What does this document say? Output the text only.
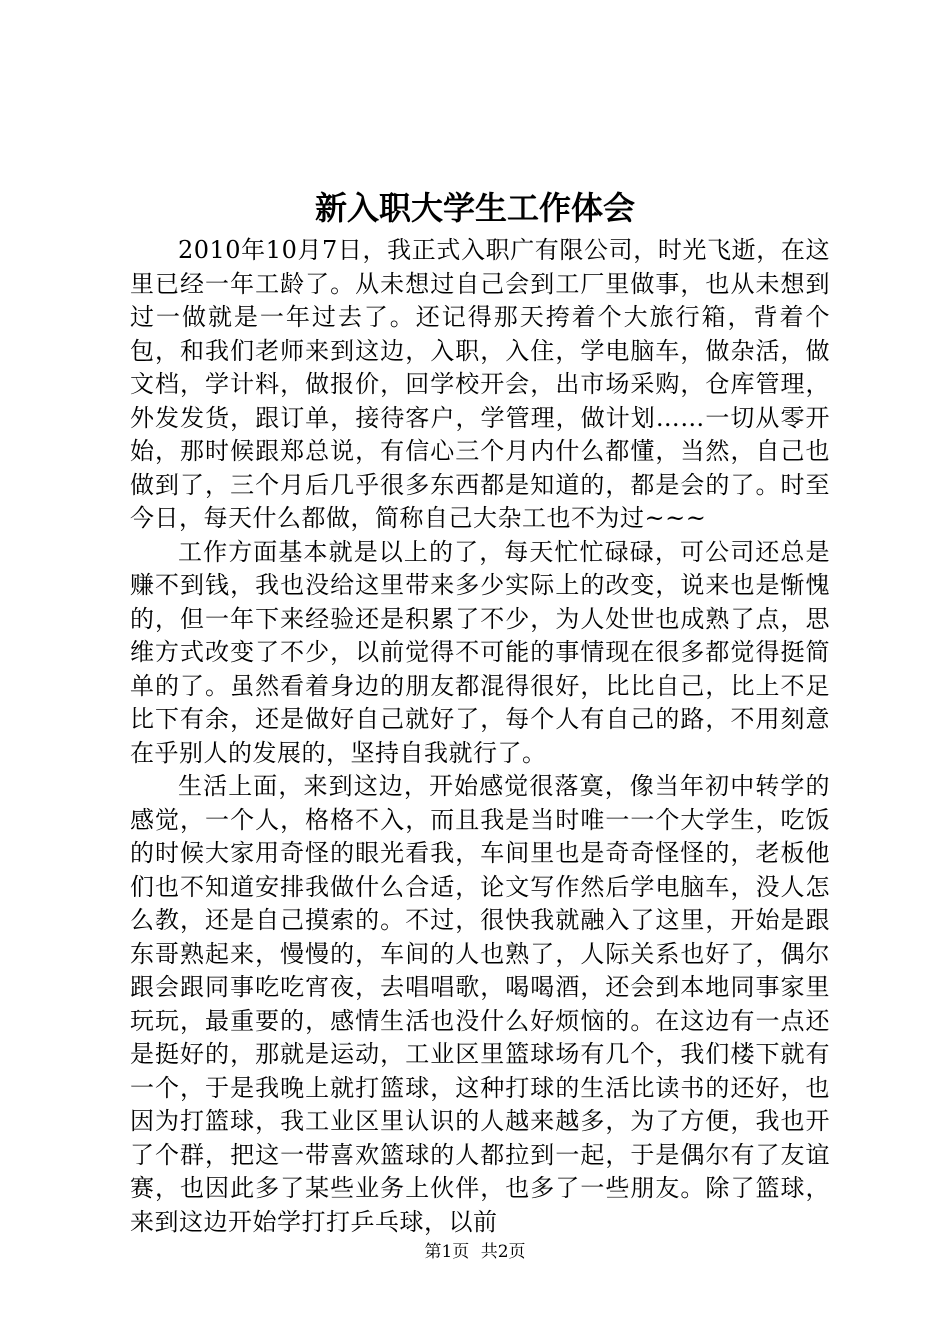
新入职大学生工作体会

2010年10月7日，我正式入职广有限公司，时光飞逝，在这里已经一年工龄了。从未想过自己会到工厂里做事，也从未想到过一做就是一年过去了。还记得那天挎着个大旅行箱，背着个包，和我们老师来到这边，入职，入住，学电脑车，做杂活，做文档，学计料，做报价，回学校开会，出市场采购，仓库管理，外发发货，跟订单，接待客户，学管理，做计划……一切从零开始，那时候跟郑总说，有信心三个月内什么都懂，当然，自己也做到了，三个月后几乎很多东西都是知道的，都是会的了。时至今日，每天什么都做，简称自己大杂工也不为过~~~

工作方面基本就是以上的了，每天忙忙碌碌，可公司还总是赚不到钱，我也没给这里带来多少实际上的改变，说来也是惭愧的，但一年下来经验还是积累了不少，为人处世也成熟了点，思维方式改变了不少，以前觉得不可能的事情现在很多都觉得挺简单的了。虽然看着身边的朋友都混得很好，比比自己，比上不足比下有余，还是做好自己就好了，每个人有自己的路，不用刻意在乎别人的发展的，坚持自我就行了。

生活上面，来到这边，开始感觉很落寞，像当年初中转学的感觉，一个人，格格不入，而且我是当时唯一一个大学生，吃饭的时候大家用奇怪的眼光看我，车间里也是奇奇怪怪的，老板他们也不知道安排我做什么合适，论文写作然后学电脑车，没人怎么教，还是自己摸索的。不过，很快我就融入了这里，开始是跟东哥熟起来，慢慢的，车间的人也熟了，人际关系也好了，偶尔跟会跟同事吃吃宵夜，去唱唱歌，喝喝酒，还会到本地同事家里玩玩，最重要的，感情生活也没什么好烦恼的。在这边有一点还是挺好的，那就是运动，工业区里篮球场有几个，我们楼下就有一个，于是我晚上就打篮球，这种打球的生活比读书的还好，也因为打篮球，我工业区里认识的人越来越多，为了方便，我也开了个群，把这一带喜欢篮球的人都拉到一起，于是偶尔有了友谊赛，也因此多了某些业务上伙伴，也多了一些朋友。除了篮球，来到这边开始学打打乒乓球，以前

第1页 共2页
